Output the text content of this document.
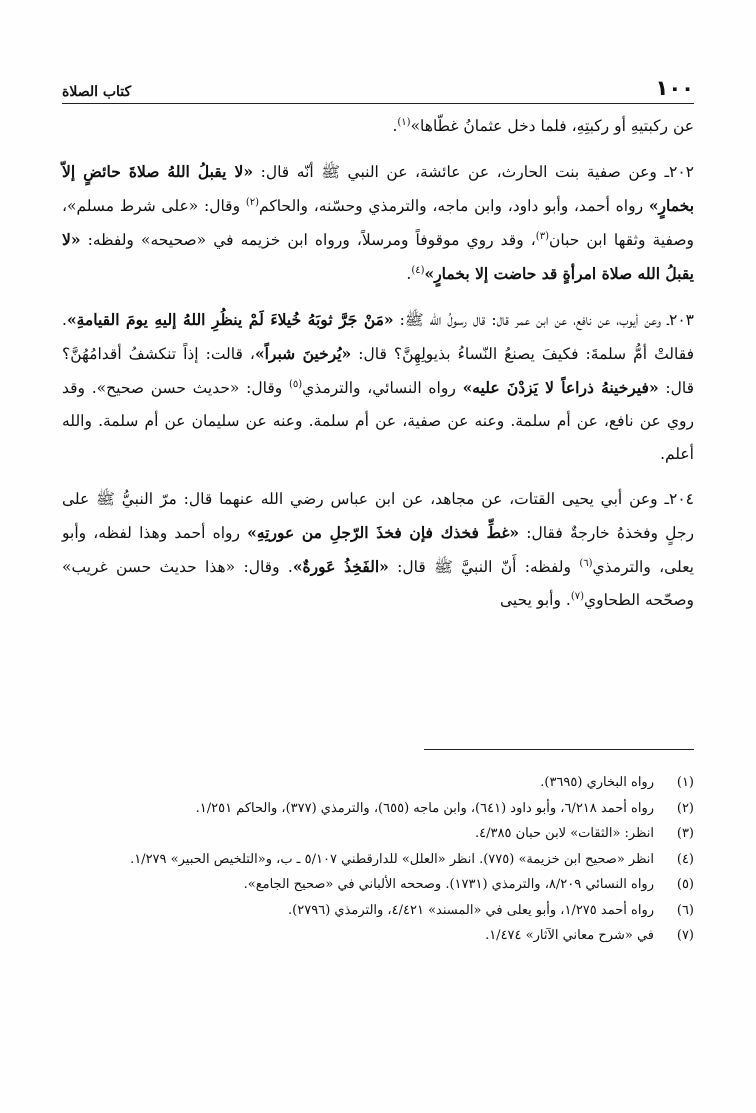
١٠٠
كتاب الصلاة

عن ركبتيهِ أو ركبتِهِ، فلما دخل عثمانُ غطّاها»$^{(١)}$.

٢٠٢ـ وعن صفية بنت الحارث، عن عائشة، عن النبي ﷺ أنّه قال: «لا يقبلُ اللهُ صلاةَ حائضٍ إلاّ بخمارٍ» رواه أحمد، وأبو داود، وابن ماجه، والترمذي وحسّنه، والحاكم$^{(٢)}$ وقال: «على شرط مسلم»، وصفية وثقها ابن حبان$^{(٣)}$، وقد روي موقوفاً ومرسلاً، ورواه ابن خزيمه في «صحيحه» ولفظه: «لا يقبلُ الله صلاة امرأةٍ قد حاضت إلا بخمارٍ»$^{(٤)}$.

٢٠٣ـ وعن أيوب، عن نافع، عن ابن عمر قال: قال رسولُ الله ﷺ: «مَنْ جَرَّ ثوبَهُ خُيلاءَ لَمْ ينظُرِ اللهُ إليهِ يومَ القيامةِ». فقالتْ أمُّ سلمةَ: فكيفَ يصنعُ النّساءُ بذيولِهِنَّ؟ قال: «يُرخينَ شبراً»، قالت: إذاً تنكشفُ أقدامُهُنَّ؟ قال: «فيرخينهُ ذراعاً لا يَزدْنَ عليه» رواه النسائي، والترمذي$^{(٥)}$ وقال: «حديث حسن صحيح». وقد روي عن نافع، عن أم سلمة. وعنه عن صفية، عن أم سلمة. وعنه عن سليمان عن أم سلمة. والله أعلم.

٢٠٤ـ وعن أبي يحيى القتات، عن مجاهد، عن ابن عباس رضي الله عنهما قال: مرّ النبيُّ ﷺ على رجلٍ وفخذهُ خارجةٌ فقال: «غطِّ فخذك فإن فخذَ الرّجلِ من عورتِهِ» رواه أحمد وهذا لفظه، وأبو يعلى، والترمذي$^{(٦)}$ ولفظه: أَنّ النبيَّ ﷺ قال: «الفَخِذُ عَورةٌ». وقال: «هذا حديث حسن غريب» وصحّحه الطحاوي$^{(٧)}$. وأبو يحيى

(١)
رواه البخاري (٣٦٩٥).
(٢)
رواه أحمد ٦/٢١٨، وأبو داود (٦٤١)، وابن ماجه (٦٥٥)، والترمذي (٣٧٧)، والحاكم ١/٢٥١.
(٣)
انظر: «الثقات» لابن حبان ٤/٣٨٥.
(٤)
انظر «صحيح ابن خزيمة» (٧٧٥). انظر «العلل» للدارقطني ٥/١٠٧ ـ ب، و«التلخيص الحبير» ١/٢٧٩.
(٥)
رواه النسائي ٨/٢٠٩، والترمذي (١٧٣١). وصححه الألباني في «صحيح الجامع».
(٦)
رواه أحمد ١/٢٧٥، وأبو يعلى في «المسند» ٤/٤٢١، والترمذي (٢٧٩٦).
(٧)
في «شرح معاني الآثار» ١/٤٧٤.
